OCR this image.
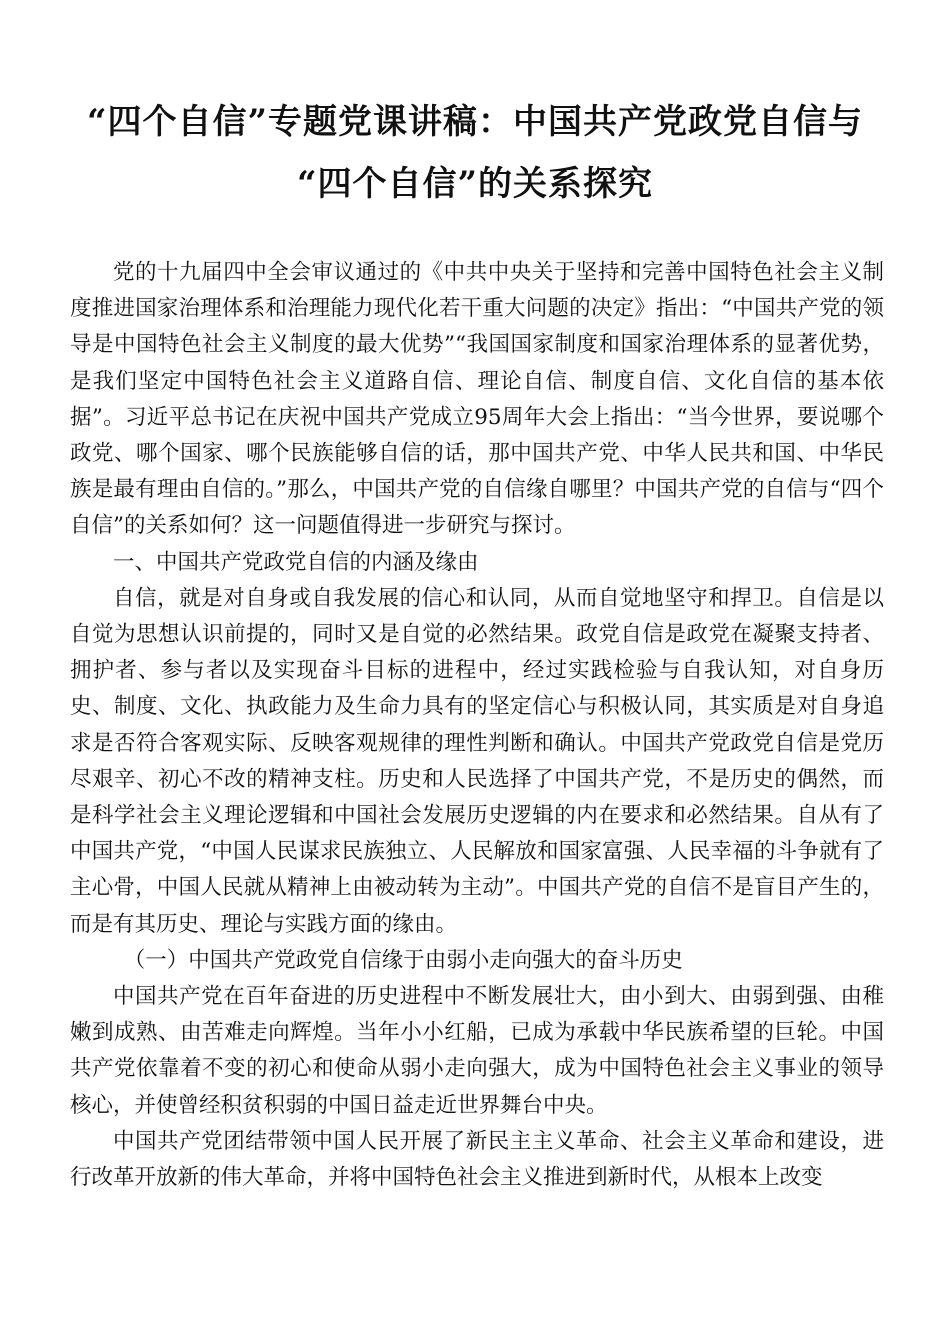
“四个自信”专题党课讲稿：中国共产党政党自信与
“四个自信”的关系探究

党的十九届四中全会审议通过的《中共中央关于坚持和完善中国特色社会主义制度推进国家治理体系和治理能力现代化若干重大问题的决定》指出：“中国共产党的领导是中国特色社会主义制度的最大优势”“我国国家制度和国家治理体系的显著优势，是我们坚定中国特色社会主义道路自信、理论自信、制度自信、文化自信的基本依据”。习近平总书记在庆祝中国共产党成立95周年大会上指出：“当今世界，要说哪个政党、哪个国家、哪个民族能够自信的话，那中国共产党、中华人民共和国、中华民族是最有理由自信的。”那么，中国共产党的自信缘自哪里？中国共产党的自信与“四个自信”的关系如何？这一问题值得进一步研究与探讨。

一、中国共产党政党自信的内涵及缘由

自信，就是对自身或自我发展的信心和认同，从而自觉地坚守和捍卫。自信是以自觉为思想认识前提的，同时又是自觉的必然结果。政党自信是政党在凝聚支持者、拥护者、参与者以及实现奋斗目标的进程中，经过实践检验与自我认知，对自身历史、制度、文化、执政能力及生命力具有的坚定信心与积极认同，其实质是对自身追求是否符合客观实际、反映客观规律的理性判断和确认。中国共产党政党自信是党历尽艰辛、初心不改的精神支柱。历史和人民选择了中国共产党，不是历史的偶然，而是科学社会主义理论逻辑和中国社会发展历史逻辑的内在要求和必然结果。自从有了中国共产党，“中国人民谋求民族独立、人民解放和国家富强、人民幸福的斗争就有了主心骨，中国人民就从精神上由被动转为主动”。中国共产党的自信不是盲目产生的，而是有其历史、理论与实践方面的缘由。

（一）中国共产党政党自信缘于由弱小走向强大的奋斗历史

中国共产党在百年奋进的历史进程中不断发展壮大，由小到大、由弱到强、由稚嫩到成熟、由苦难走向辉煌。当年小小红船，已成为承载中华民族希望的巨轮。中国共产党依靠着不变的初心和使命从弱小走向强大，成为中国特色社会主义事业的领导核心，并使曾经积贫积弱的中国日益走近世界舞台中央。

中国共产党团结带领中国人民开展了新民主主义革命、社会主义革命和建设，进行改革开放新的伟大革命，并将中国特色社会主义推进到新时代，从根本上改变
